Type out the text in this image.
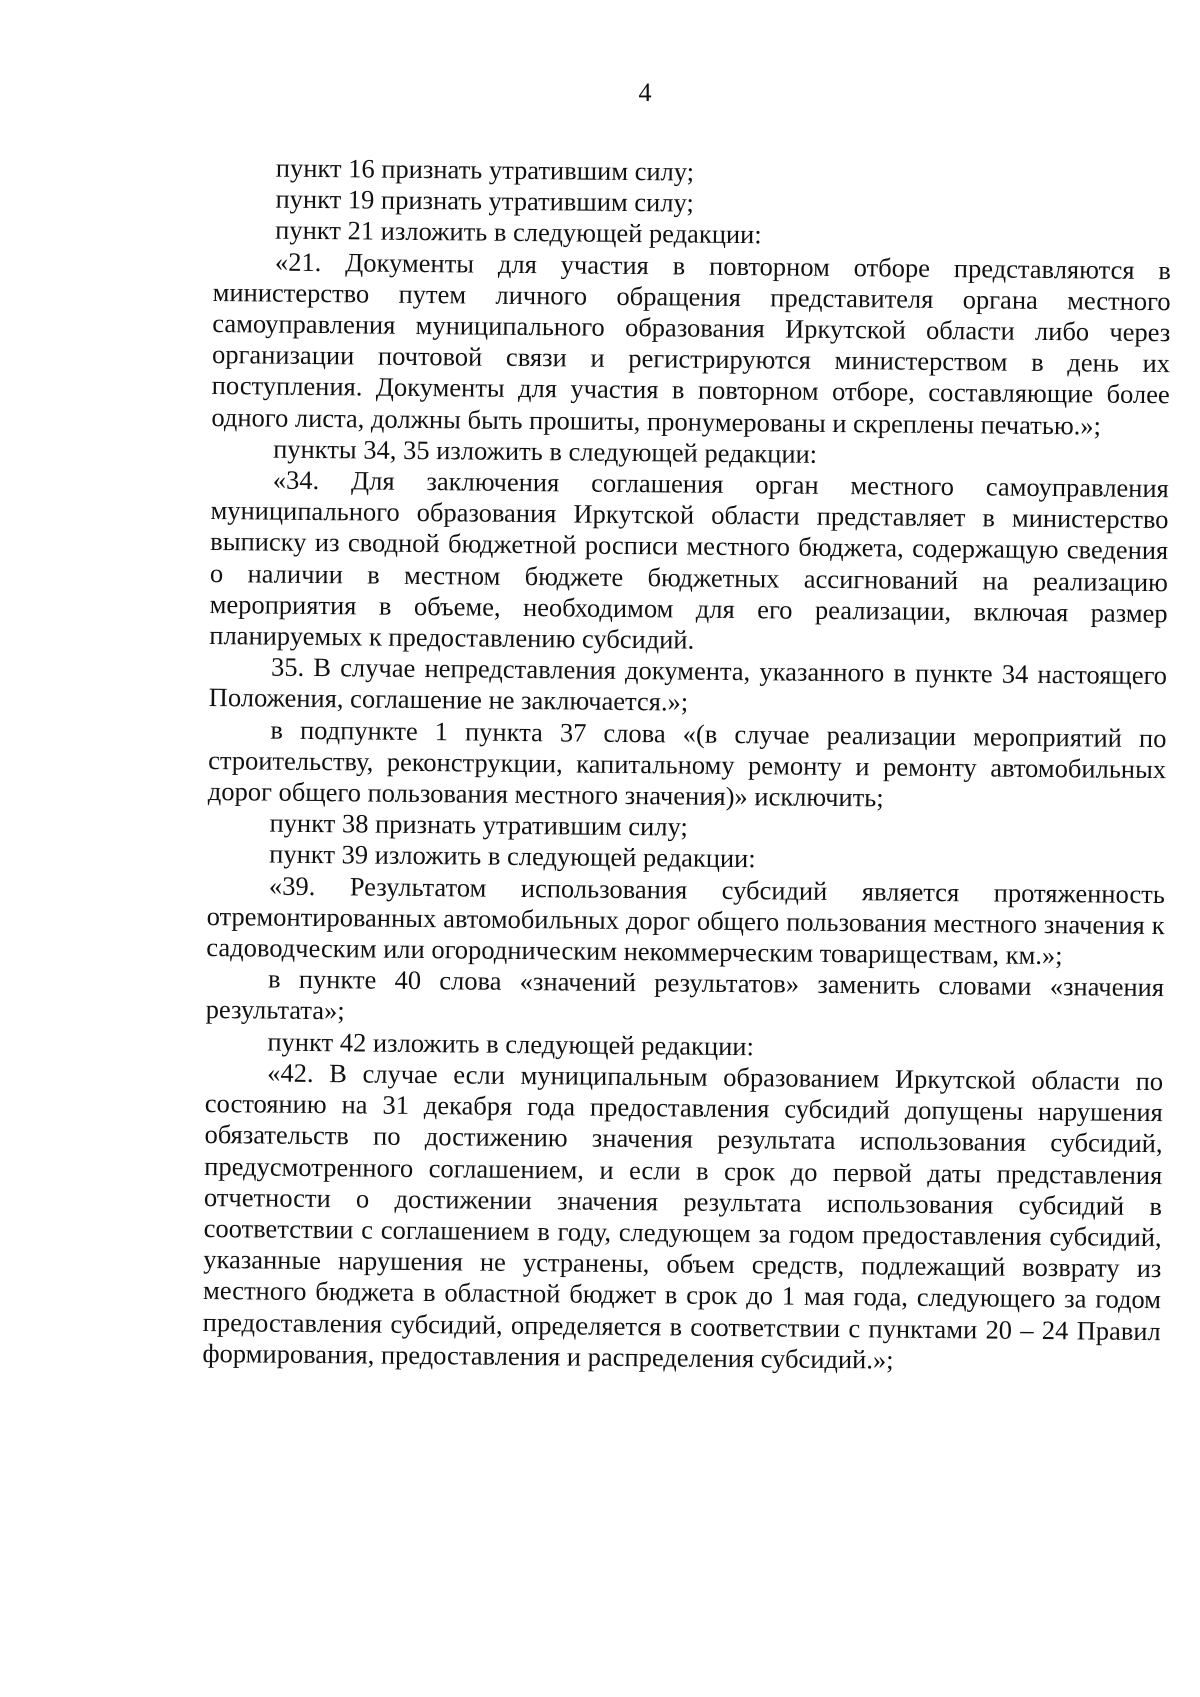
4

пункт 16 признать утратившим силу;

пункт 19 признать утратившим силу;

пункт 21 изложить в следующей редакции:

«21. Документы для участия в повторном отборе представляются в министерство путем личного обращения представителя органа местного самоуправления муниципального образования Иркутской области либо через организации почтовой связи и регистрируются министерством в день их поступления. Документы для участия в повторном отборе, составляющие более одного листа, должны быть прошиты, пронумерованы и скреплены печатью.»;

пункты 34, 35 изложить в следующей редакции:

«34. Для заключения соглашения орган местного самоуправления муниципального образования Иркутской области представляет в министерство выписку из сводной бюджетной росписи местного бюджета, содержащую сведения о наличии в местном бюджете бюджетных ассигнований на реализацию мероприятия в объеме, необходимом для его реализации, включая размер планируемых к предоставлению субсидий.

35. В случае непредставления документа, указанного в пункте 34 настоящего Положения, соглашение не заключается.»;

в подпункте 1 пункта 37 слова «(в случае реализации мероприятий по строительству, реконструкции, капитальному ремонту и ремонту автомобильных дорог общего пользования местного значения)» исключить;

пункт 38 признать утратившим силу;

пункт 39 изложить в следующей редакции:

«39. Результатом использования субсидий является протяженность отремонтированных автомобильных дорог общего пользования местного значения к садоводческим или огородническим некоммерческим товариществам, км.»;

в пункте 40 слова «значений результатов» заменить словами «значения результата»;

пункт 42 изложить в следующей редакции:

«42. В случае если муниципальным образованием Иркутской области по состоянию на 31 декабря года предоставления субсидий допущены нарушения обязательств по достижению значения результата использования субсидий, предусмотренного соглашением, и если в срок до первой даты представления отчетности о достижении значения результата использования субсидий в соответствии с соглашением в году, следующем за годом предоставления субсидий, указанные нарушения не устранены, объем средств, подлежащий возврату из местного бюджета в областной бюджет в срок до 1 мая года, следующего за годом предоставления субсидий, определяется в соответствии с пунктами 20 – 24 Правил формирования, предоставления и распределения субсидий.»;
